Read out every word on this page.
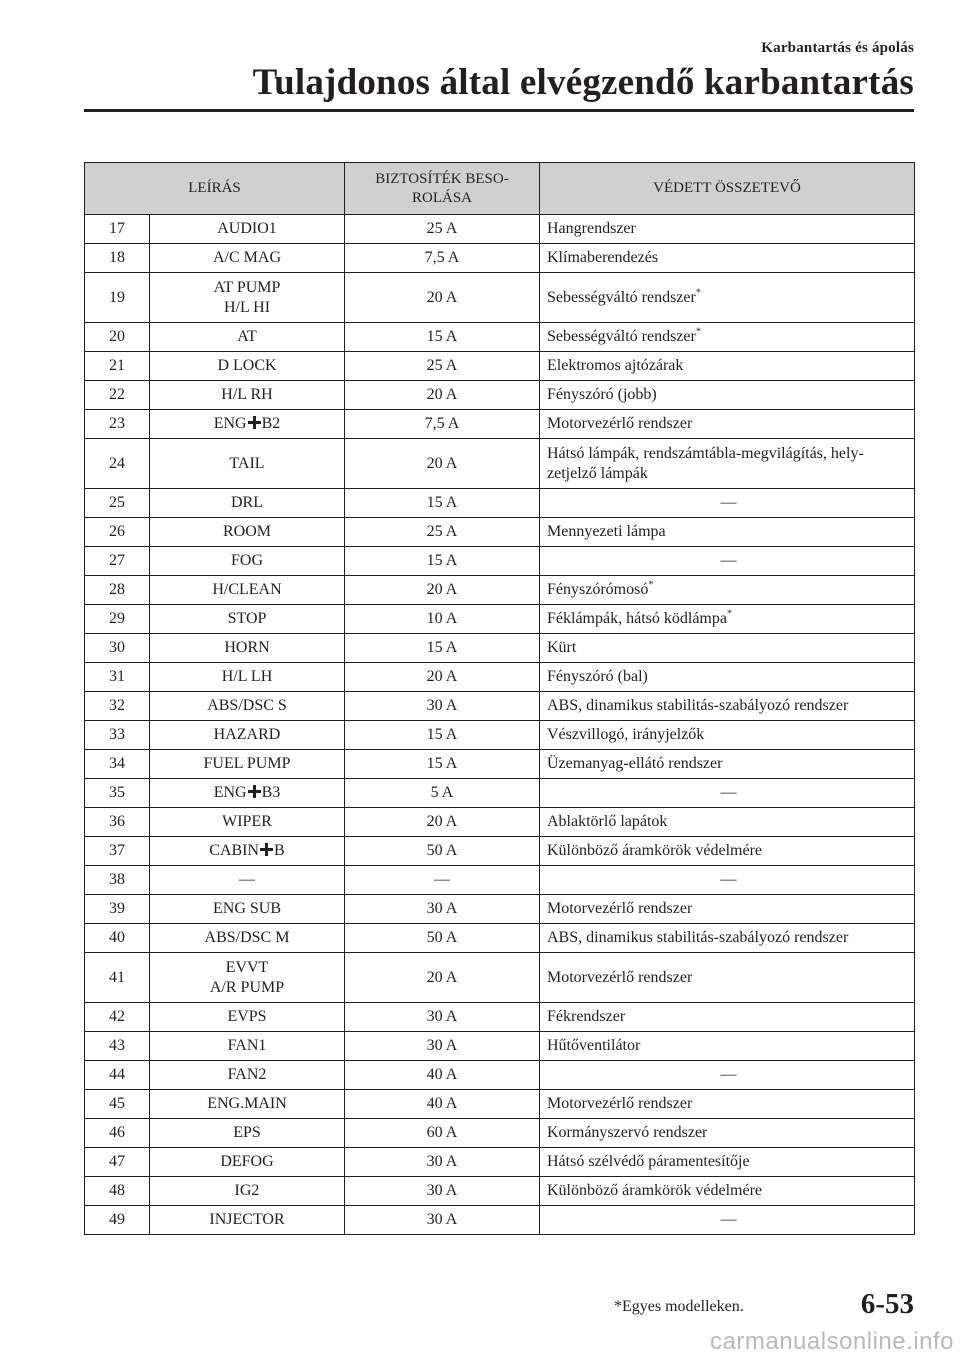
Karbantartás és ápolás
Tulajdonos által elvégzendő karbantartás
LEÍRÁS		BIZTOSÍTÉK BESO-
ROLÁSA	VÉDETT ÖSSZETEVŐ
17	AUDIO1	25 A	Hangrendszer
18	A/C MAG	7,5 A	Klímaberendezés
19	AT PUMP
H/L HI	20 A	Sebességváltó rendszer*
20	AT	15 A	Sebességváltó rendszer*
21	D LOCK	25 A	Elektromos ajtózárak
22	H/L RH	20 A	Fényszóró (jobb)
23	ENG B2	7,5 A	Motorvezérlő rendszer
24	TAIL	20 A	Hátsó lámpák, rendszámtábla-megvilágítás, hely-
zetjelző lámpák
25	DRL	15 A	―
26	ROOM	25 A	Mennyezeti lámpa
27	FOG	15 A	―
28	H/CLEAN	20 A	Fényszórómosó*
29	STOP	10 A	Féklámpák, hátsó ködlámpa*
30	HORN	15 A	Kürt
31	H/L LH	20 A	Fényszóró (bal)
32	ABS/DSC S	30 A	ABS, dinamikus stabilitás-szabályozó rendszer
33	HAZARD	15 A	Vészvillogó, irányjelzők
34	FUEL PUMP	15 A	Üzemanyag-ellátó rendszer
35	ENG B3	5 A	―
36	WIPER	20 A	Ablaktörlő lapátok
37	CABIN B	50 A	Különböző áramkörök védelmére
38	―	―	―
39	ENG SUB	30 A	Motorvezérlő rendszer
40	ABS/DSC M	50 A	ABS, dinamikus stabilitás-szabályozó rendszer
41	EVVT
A/R PUMP	20 A	Motorvezérlő rendszer
42	EVPS	30 A	Fékrendszer
43	FAN1	30 A	Hűtőventilátor
44	FAN2	40 A	―
45	ENG.MAIN	40 A	Motorvezérlő rendszer
46	EPS	60 A	Kormányszervó rendszer
47	DEFOG	30 A	Hátsó szélvédő páramentesítője
48	IG2	30 A	Különböző áramkörök védelmére
49	INJECTOR	30 A	―
*Egyes modelleken.	6-53
carmanualsonline.info
